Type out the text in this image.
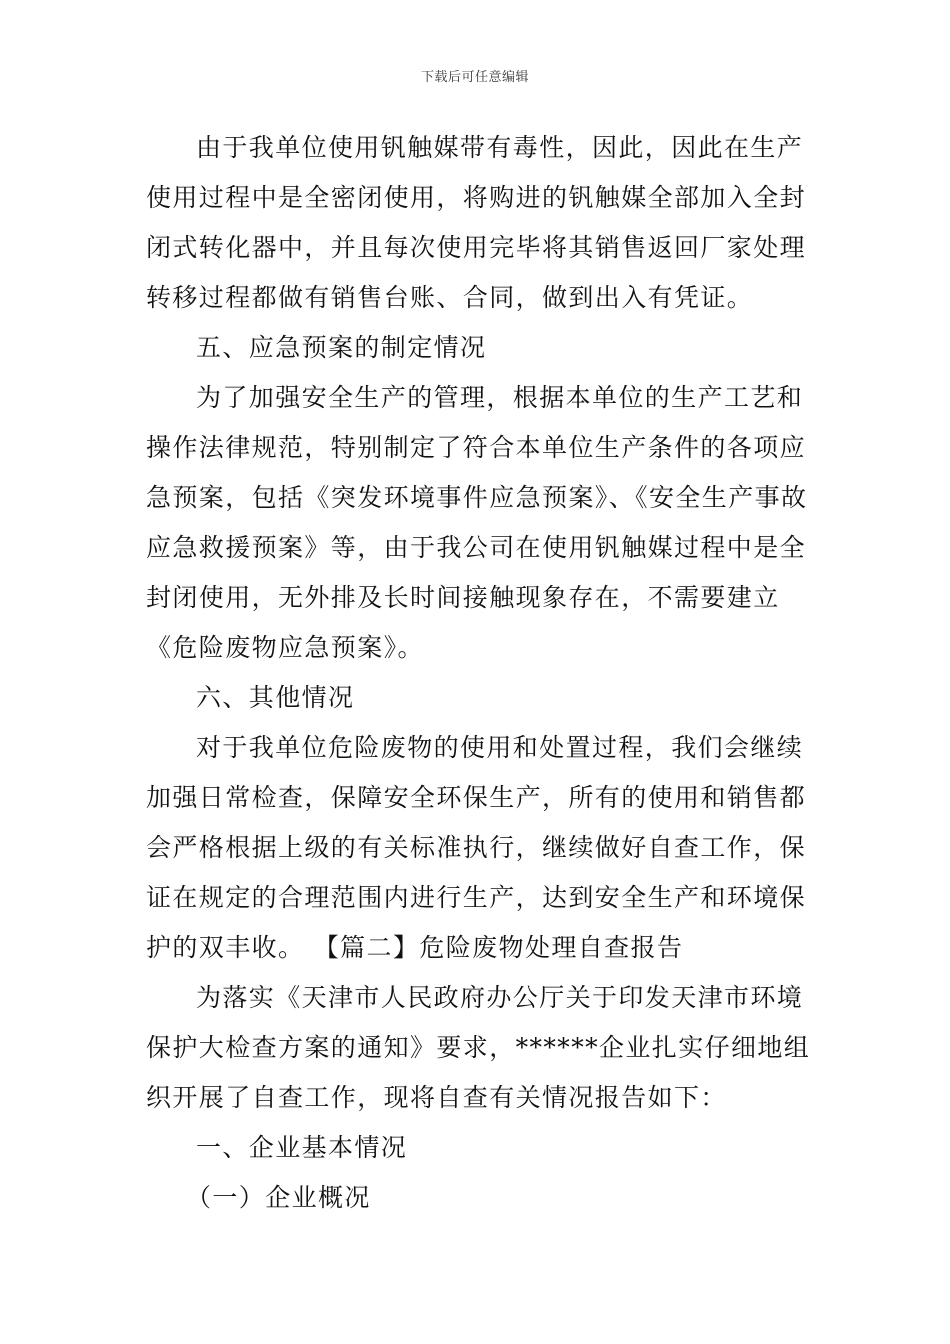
下载后可任意编辑

由于我单位使用钒触媒带有毒性，因此，因此在生产使用过程中是全密闭使用，将购进的钒触媒全部加入全封闭式转化器中，并且每次使用完毕将其销售返回厂家处理转移过程都做有销售台账、合同，做到出入有凭证。

五、应急预案的制定情况

为了加强安全生产的管理，根据本单位的生产工艺和操作法律规范，特别制定了符合本单位生产条件的各项应急预案，包括《突发环境事件应急预案》、《安全生产事故应急救援预案》等，由于我公司在使用钒触媒过程中是全封闭使用，无外排及长时间接触现象存在，不需要建立《危险废物应急预案》。

六、其他情况

对于我单位危险废物的使用和处置过程，我们会继续加强日常检查，保障安全环保生产，所有的使用和销售都会严格根据上级的有关标准执行，继续做好自查工作，保证在规定的合理范围内进行生产，达到安全生产和环境保护的双丰收。 【篇二】危险废物处理自查报告

为落实《天津市人民政府办公厅关于印发天津市环境保护大检查方案的通知》要求，******企业扎实仔细地组织开展了自查工作，现将自查有关情况报告如下：

一、企业基本情况

（一）企业概况
